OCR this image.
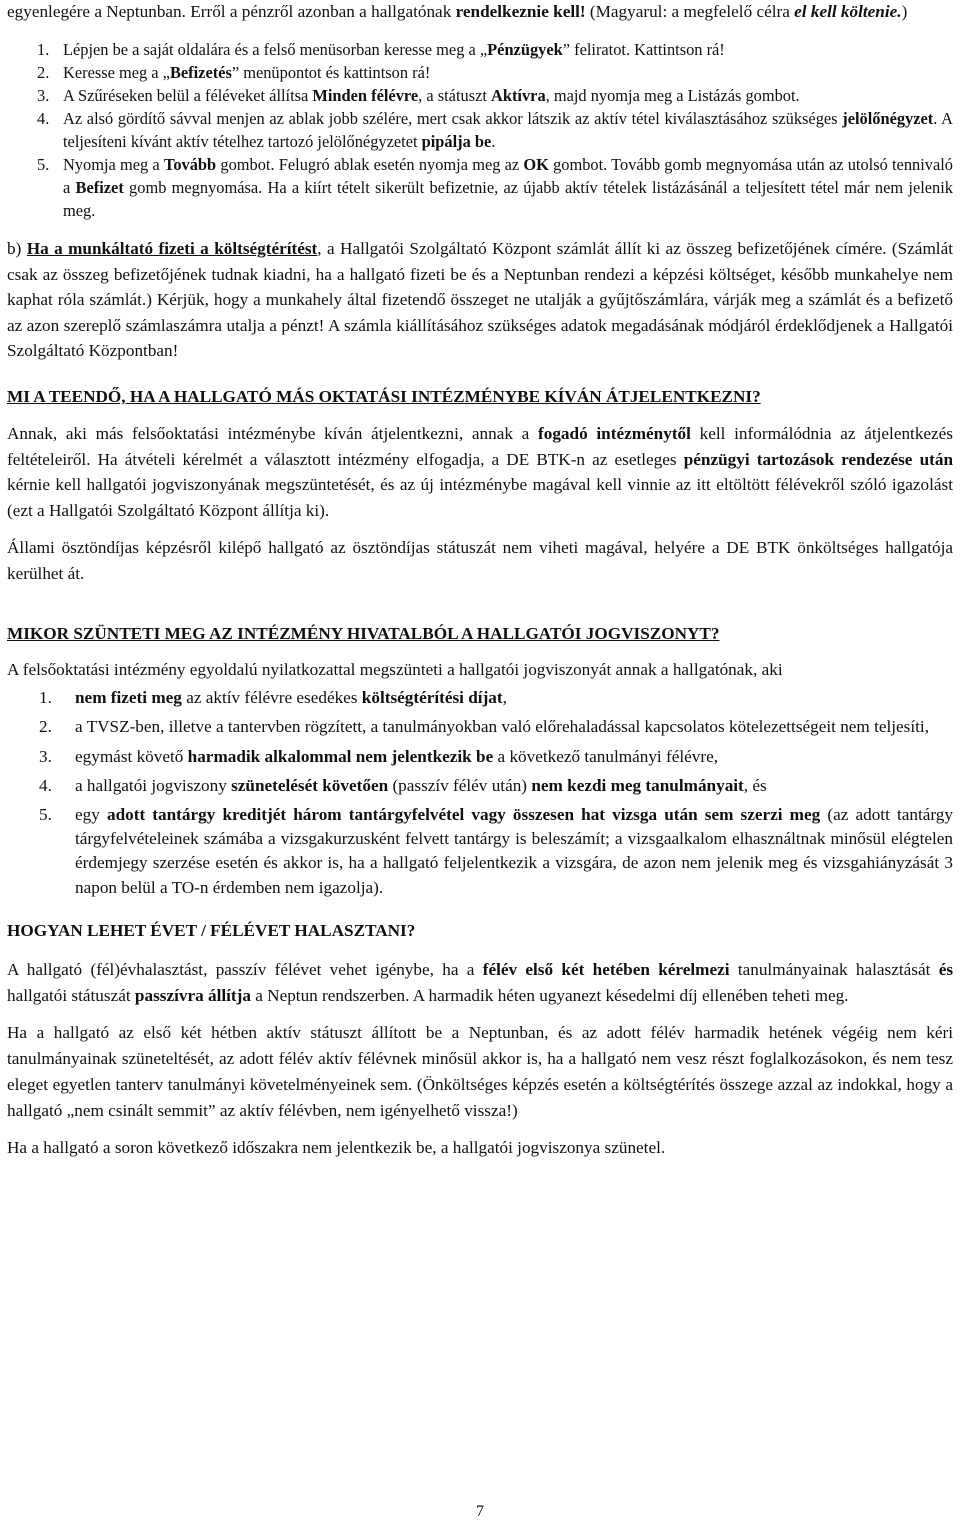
egyenlegére a Neptunban. Erről a pénzről azonban a hallgatónak rendelkeznie kell! (Magyarul: a megfelelő célra el kell költenie.)

1. Lépjen be a saját oldalára és a felső menüsorban keresse meg a „Pénzügyek” feliratot. Kattintson rá!
2. Keresse meg a „Befizetés” menüpontot és kattintson rá!
3. A Szűréseken belül a féléveket állítsa Minden félévre, a státuszt Aktívra, majd nyomja meg a Listázás gombot.
4. Az alsó gördítő sávval menjen az ablak jobb szélére, mert csak akkor látszik az aktív tétel kiválasztásához szükséges jelölőnégyzet. A teljesíteni kívánt aktív tételhez tartozó jelölőnégyzetet pipálja be.
5. Nyomja meg a Tovább gombot. Felugró ablak esetén nyomja meg az OK gombot. Tovább gomb megnyomása után az utolsó tennivaló a Befizet gomb megnyomása. Ha a kiírt tételt sikerült befizetnie, az újabb aktív tételek listázásánál a teljesített tétel már nem jelenik meg.

b) Ha a munkáltató fizeti a költségtérítést, a Hallgatói Szolgáltató Központ számlát állít ki az összeg befizetőjének címére. (Számlát csak az összeg befizetőjének tudnak kiadni, ha a hallgató fizeti be és a Neptunban rendezi a képzési költséget, később munkahelye nem kaphat róla számlát.) Kérjük, hogy a munkahely által fizetendő összeget ne utalják a gyűjtőszámlára, várják meg a számlát és a befizető az azon szereplő számlaszámra utalja a pénzt! A számla kiállításához szükséges adatok megadásának módjáról érdeklődjenek a Hallgatói Szolgáltató Központban!

MI A TEENDŐ, HA A HALLGATÓ MÁS OKTATÁSI INTÉZMÉNYBE KÍVÁN ÁTJELENTKEZNI?

Annak, aki más felsőoktatási intézménybe kíván átjelentkezni, annak a fogadó intézménytől kell informálódnia az átjelentkezés feltételeiről. Ha átvételi kérelmét a választott intézmény elfogadja, a DE BTK-n az esetleges pénzügyi tartozások rendezése után kérnie kell hallgatói jogviszonyának megszüntetését, és az új intézménybe magával kell vinnie az itt eltöltött félévekről szóló igazolást (ezt a Hallgatói Szolgáltató Központ állítja ki).

Állami ösztöndíjas képzésről kilépő hallgató az ösztöndíjas státuszát nem viheti magával, helyére a DE BTK önköltséges hallgatója kerülhet át.

MIKOR SZÜNTETI MEG AZ INTÉZMÉNY HIVATALBÓL A HALLGATÓI JOGVISZONYT?

A felsőoktatási intézmény egyoldalú nyilatkozattal megszünteti a hallgatói jogviszonyát annak a hallgatónak, aki

1. nem fizeti meg az aktív félévre esedékes költségtérítési díjat,
2. a TVSZ-ben, illetve a tantervben rögzített, a tanulmányokban való előrehaladással kapcsolatos kötelezettségeit nem teljesíti,
3. egymást követő harmadik alkalommal nem jelentkezik be a következő tanulmányi félévre,
4. a hallgatói jogviszony szünetelését követően (passzív félév után) nem kezdi meg tanulmányait, és
5. egy adott tantárgy kreditjét három tantárgyfelvétel vagy összesen hat vizsga után sem szerzi meg (az adott tantárgy tárgyfelvételeinek számába a vizsgakurzusként felvett tantárgy is beleszámít; a vizsgaalkalom elhasználtnak minősül elégtelen érdemjegy szerzése esetén és akkor is, ha a hallgató feljelentkezik a vizsgára, de azon nem jelenik meg és vizsgahiányzását 3 napon belül a TO-n érdemben nem igazolja).
HOGYAN LEHET ÉVET / FÉLÉVET HALASZTANI?

A hallgató (fél)évhalasztást, passzív félévet vehet igénybe, ha a félév első két hetében kérelmezi tanulmányainak halasztását és hallgatói státuszát passzívra állítja a Neptun rendszerben. A harmadik héten ugyanezt késedelmi díj ellenében teheti meg.

Ha a hallgató az első két hétben aktív státuszt állított be a Neptunban, és az adott félév harmadik hetének végéig nem kéri tanulmányainak szüneteltését, az adott félév aktív félévnek minősül akkor is, ha a hallgató nem vesz részt foglalkozásokon, és nem tesz eleget egyetlen tanterv tanulmányi követelményeinek sem. (Önköltséges képzés esetén a költségtérítés összege azzal az indokkal, hogy a hallgató „nem csinált semmit” az aktív félévben, nem igényelhető vissza!)

Ha a hallgató a soron következő időszakra nem jelentkezik be, a hallgatói jogviszonya szünetel.

7
